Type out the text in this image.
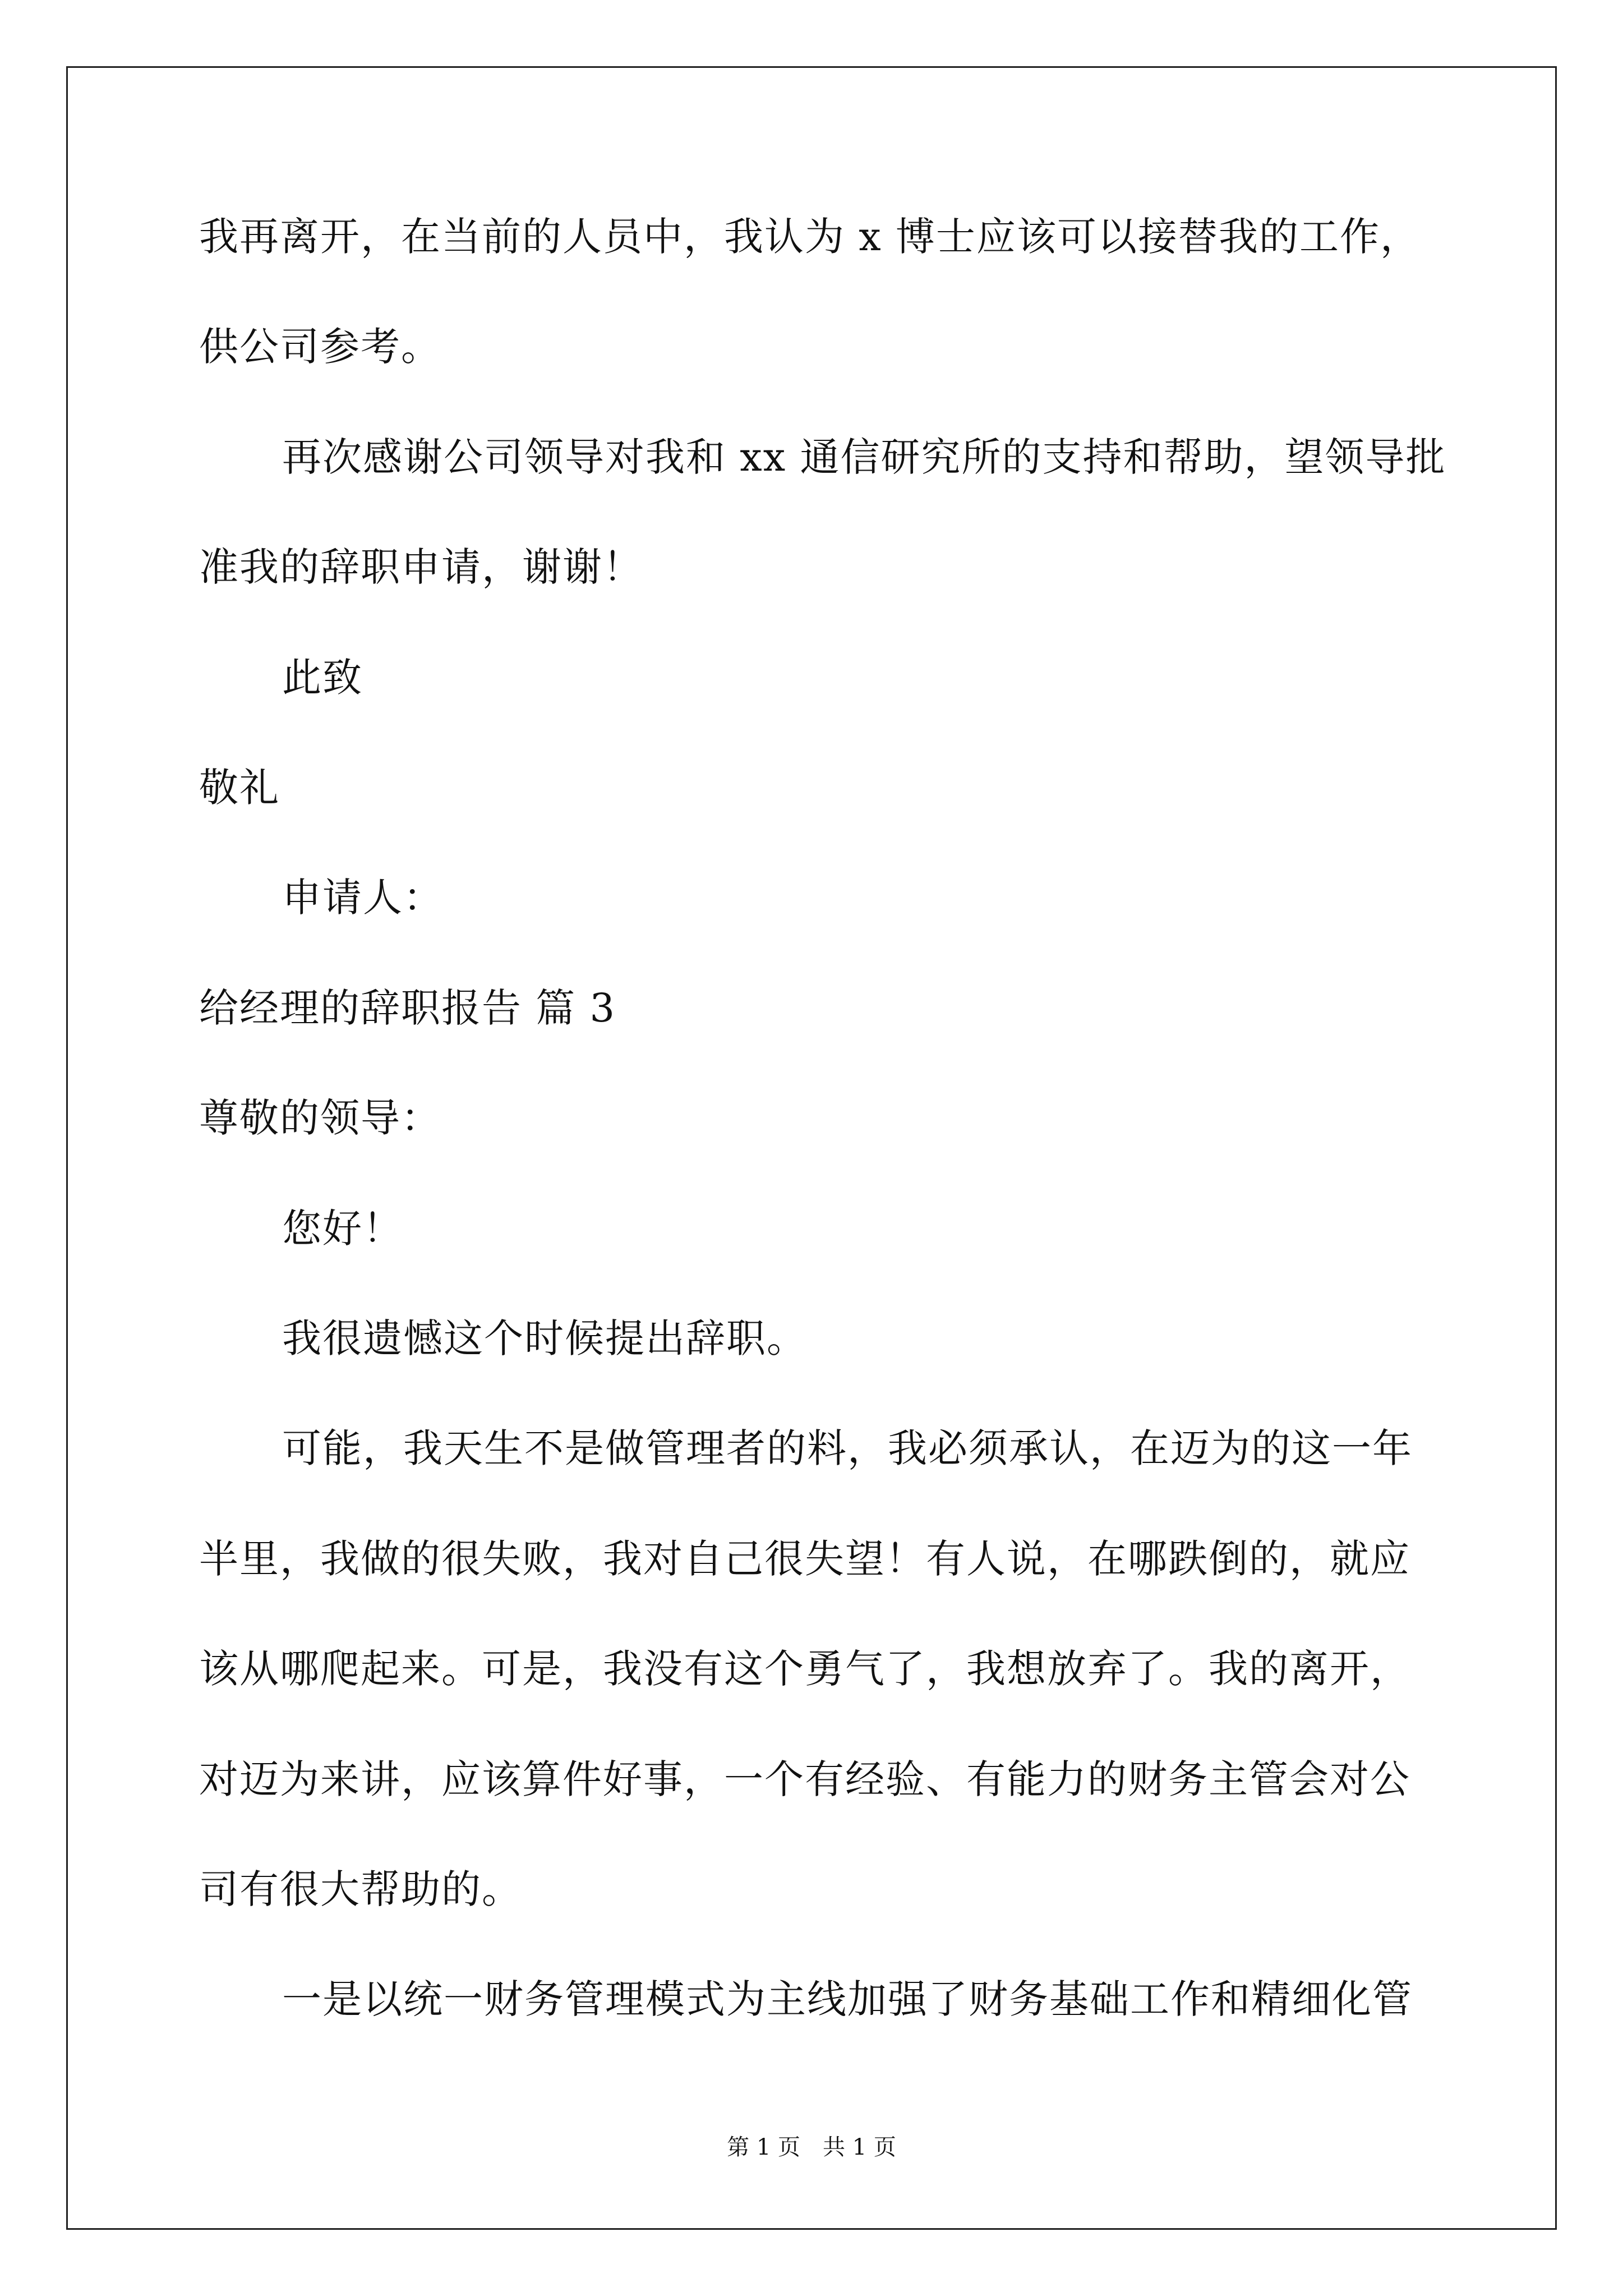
我再离开，在当前的人员中，我认为 x 博士应该可以接替我的工作，
供公司参考。
再次感谢公司领导对我和 xx 通信研究所的支持和帮助，望领导批
准我的辞职申请，谢谢！
此致
敬礼
申请人：
给经理的辞职报告 篇 3
尊敬的领导：
您好！
我很遗憾这个时候提出辞职。
可能，我天生不是做管理者的料，我必须承认，在迈为的这一年
半里，我做的很失败，我对自己很失望！有人说，在哪跌倒的，就应
该从哪爬起来。可是，我没有这个勇气了，我想放弃了。我的离开，
对迈为来讲，应该算件好事，一个有经验、有能力的财务主管会对公
司有很大帮助的。
一是以统一财务管理模式为主线加强了财务基础工作和精细化管
第 1 页　共 1 页
